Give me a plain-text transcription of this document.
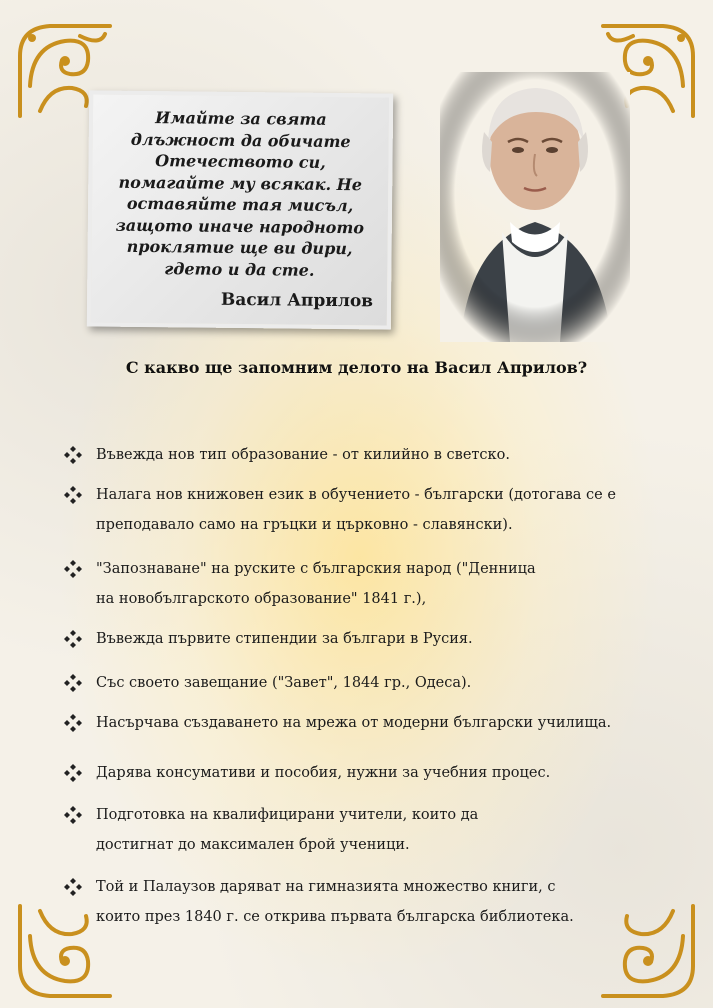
Имайте за свята
длъжност да обичате
Отечеството си,
помагайте му всякак. Не
оставяйте тая мисъл,
защото иначе народното
проклятие ще ви дири,
гдето и да сте.

Васил Априлов
С какво ще запомним делото на Васил Априлов?
Въвежда нов тип образование - от килийно в светско.
Налага нов книжовен език в обучението - български (дотогава се е
преподавало само на гръцки и църковно - славянски).
"Запознаване" на руските с българския народ ("Денница
на новобългарското образование" 1841 г.),
Въвежда първите стипендии за българи в Русия.
Със своето завещание ("Завет", 1844 гр., Одеса).
Насърчава създаването на мрежа от модерни български училища.
Дарява консумативи и пособия, нужни за учебния процес.
Подготовка на квалифицирани учители, които да
достигнат до максимален брой ученици.
Той и Палаузов даряват на гимназията множество книги, с
които през 1840 г. се открива първата българска библиотека.
